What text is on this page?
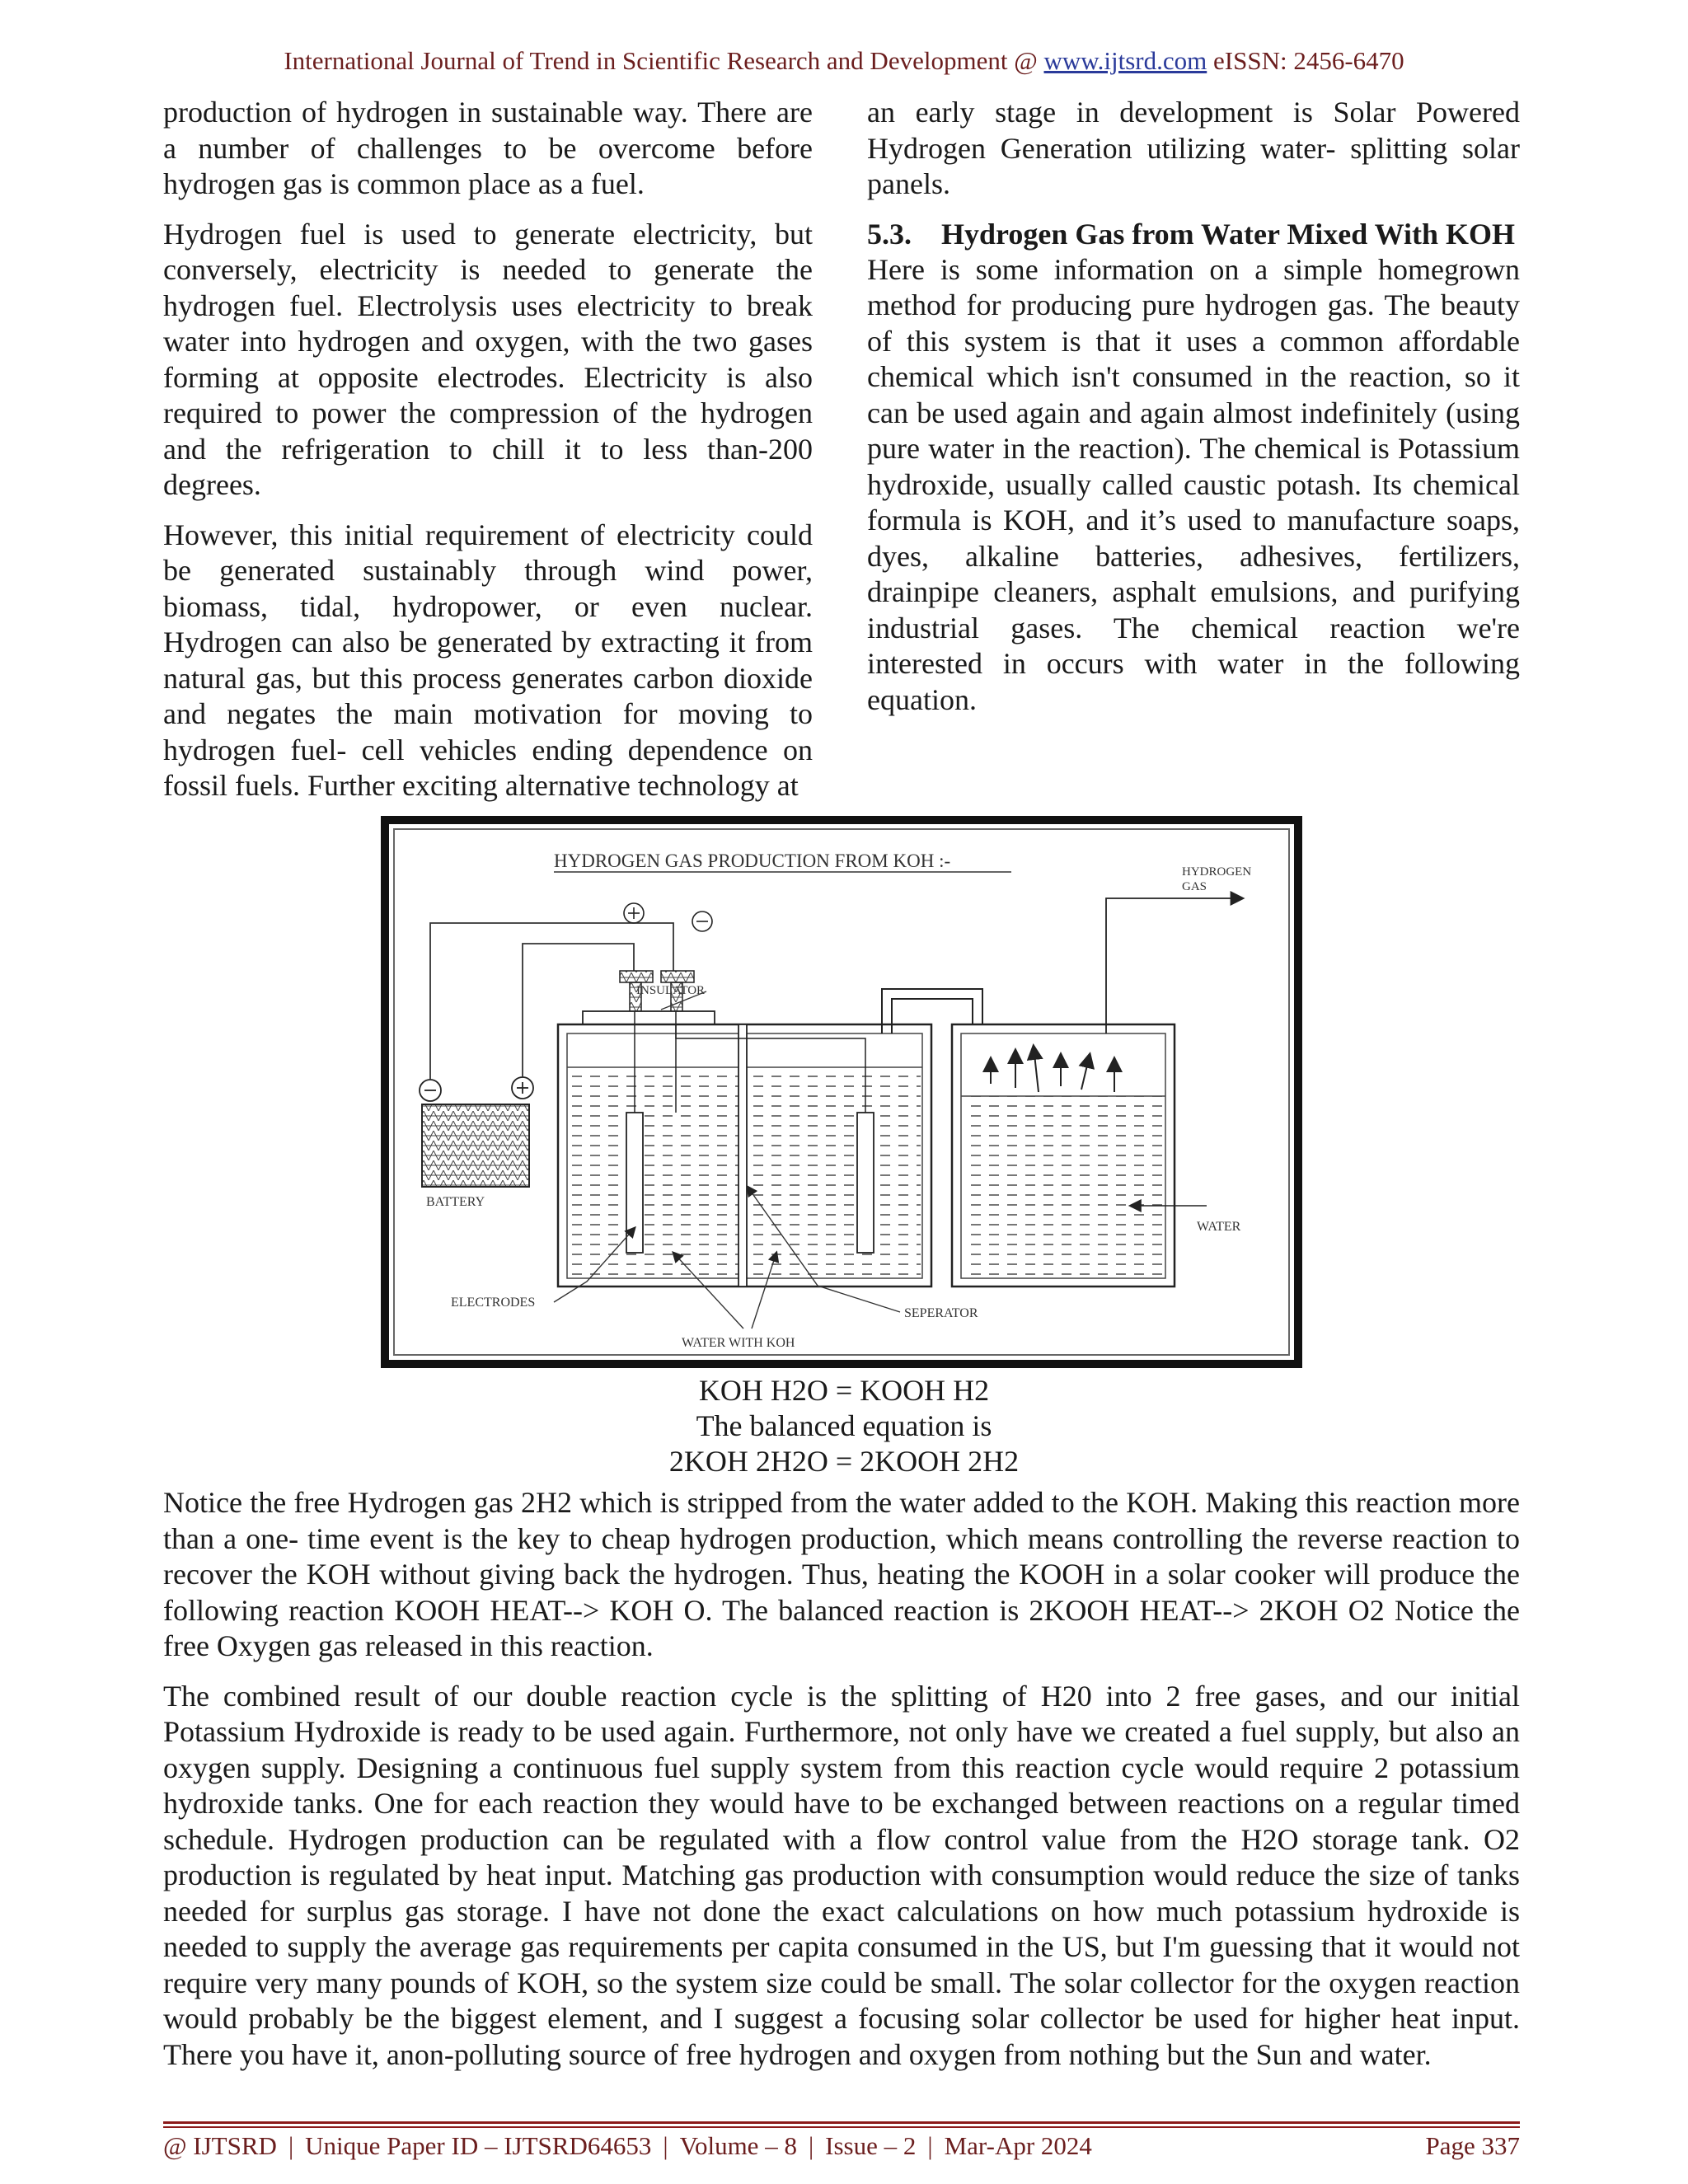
International Journal of Trend in Scientific Research and Development @ www.ijtsrd.com eISSN: 2456-6470

production of hydrogen in sustainable way. There are a number of challenges to be overcome before hydrogen gas is common place as a fuel.

Hydrogen fuel is used to generate electricity, but conversely, electricity is needed to generate the hydrogen fuel. Electrolysis uses electricity to break water into hydrogen and oxygen, with the two gases forming at opposite electrodes. Electricity is also required to power the compression of the hydrogen and the refrigeration to chill it to less than-200 degrees.

However, this initial requirement of electricity could be generated sustainably through wind power, biomass, tidal, hydropower, or even nuclear. Hydrogen can also be generated by extracting it from natural gas, but this process generates carbon dioxide and negates the main motivation for moving to hydrogen fuel- cell vehicles ending dependence on fossil fuels. Further exciting alternative technology at

an early stage in development is Solar Powered Hydrogen Generation utilizing water- splitting solar panels.

5.3.	Hydrogen Gas from Water Mixed With KOH

Here is some information on a simple homegrown method for producing pure hydrogen gas. The beauty of this system is that it uses a common affordable chemical which isn't consumed in the reaction, so it can be used again and again almost indefinitely (using pure water in the reaction). The chemical is Potassium hydroxide, usually called caustic potash. Its chemical formula is KOH, and it’s used to manufacture soaps, dyes, alkaline batteries, adhesives, fertilizers, drainpipe cleaners, asphalt emulsions, and purifying industrial gases. The chemical reaction we're interested in occurs with water in the following equation.

HYDROGEN GAS PRODUCTION FROM KOH :-
BATTERY
INSULATOR
HYDROGEN
GAS
WATER
ELECTRODES
WATER WITH KOH
SEPERATOR
KOH H2O = KOOH H2
The balanced equation is
2KOH 2H2O = 2KOOH 2H2

Notice the free Hydrogen gas 2H2 which is stripped from the water added to the KOH. Making this reaction more than a one- time event is the key to cheap hydrogen production, which means controlling the reverse reaction to recover the KOH without giving back the hydrogen. Thus, heating the KOOH in a solar cooker will produce the following reaction KOOH HEAT--> KOH O. The balanced reaction is 2KOOH HEAT--> 2KOH O2 Notice the free Oxygen gas released in this reaction.

The combined result of our double reaction cycle is the splitting of H20 into 2 free gases, and our initial Potassium Hydroxide is ready to be used again. Furthermore, not only have we created a fuel supply, but also an oxygen supply. Designing a continuous fuel supply system from this reaction cycle would require 2 potassium hydroxide tanks. One for each reaction they would have to be exchanged between reactions on a regular timed schedule. Hydrogen production can be regulated with a flow control value from the H2O storage tank. O2 production is regulated by heat input. Matching gas production with consumption would reduce the size of tanks needed for surplus gas storage. I have not done the exact calculations on how much potassium hydroxide is needed to supply the average gas requirements per capita consumed in the US, but I'm guessing that it would not require very many pounds of KOH, so the system size could be small. The solar collector for the oxygen reaction would probably be the biggest element, and I suggest a focusing solar collector be used for higher heat input. There you have it, anon-polluting source of free hydrogen and oxygen from nothing but the Sun and water.

@ IJTSRD | Unique Paper ID – IJTSRD64653 | Volume – 8 | Issue – 2 | Mar-Apr 2024	Page 337
